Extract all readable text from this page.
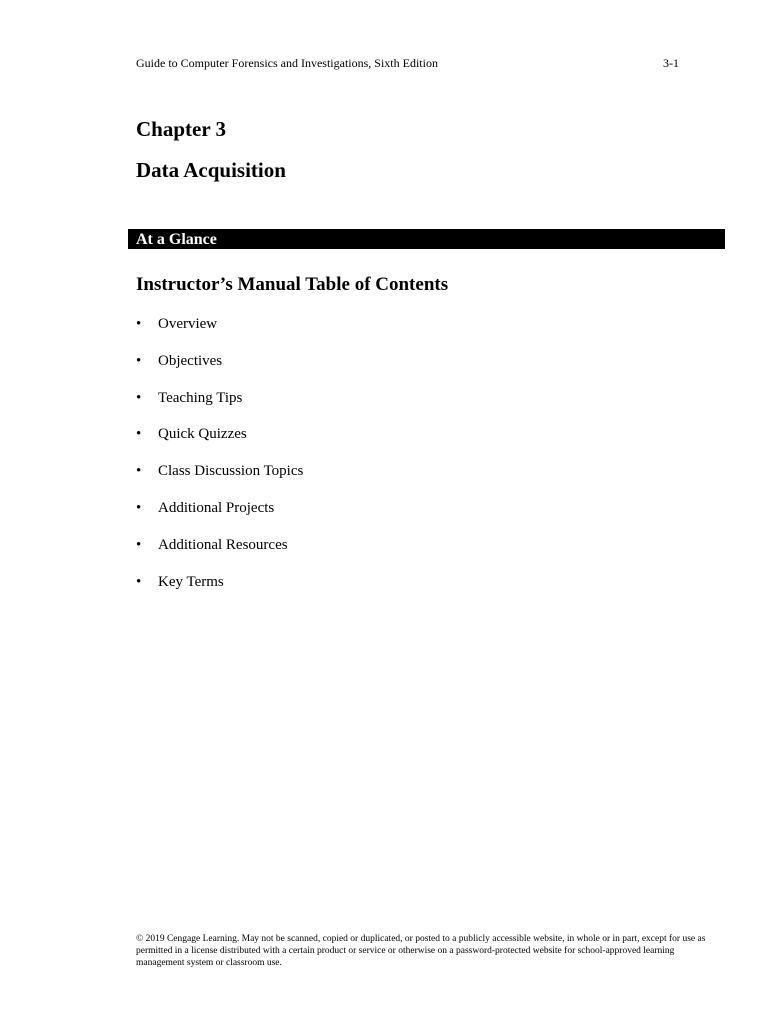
Guide to Computer Forensics and Investigations, Sixth Edition	3-1
Chapter 3
Data Acquisition
At a Glance
Instructor’s Manual Table of Contents
•	Overview
•	Objectives
•	Teaching Tips
•	Quick Quizzes
•	Class Discussion Topics
•	Additional Projects
•	Additional Resources
•	Key Terms
© 2019 Cengage Learning. May not be scanned, copied or duplicated, or posted to a publicly accessible website, in whole or in part, except for use as permitted in a license distributed with a certain product or service or otherwise on a password-protected website for school-approved learning management system or classroom use.
